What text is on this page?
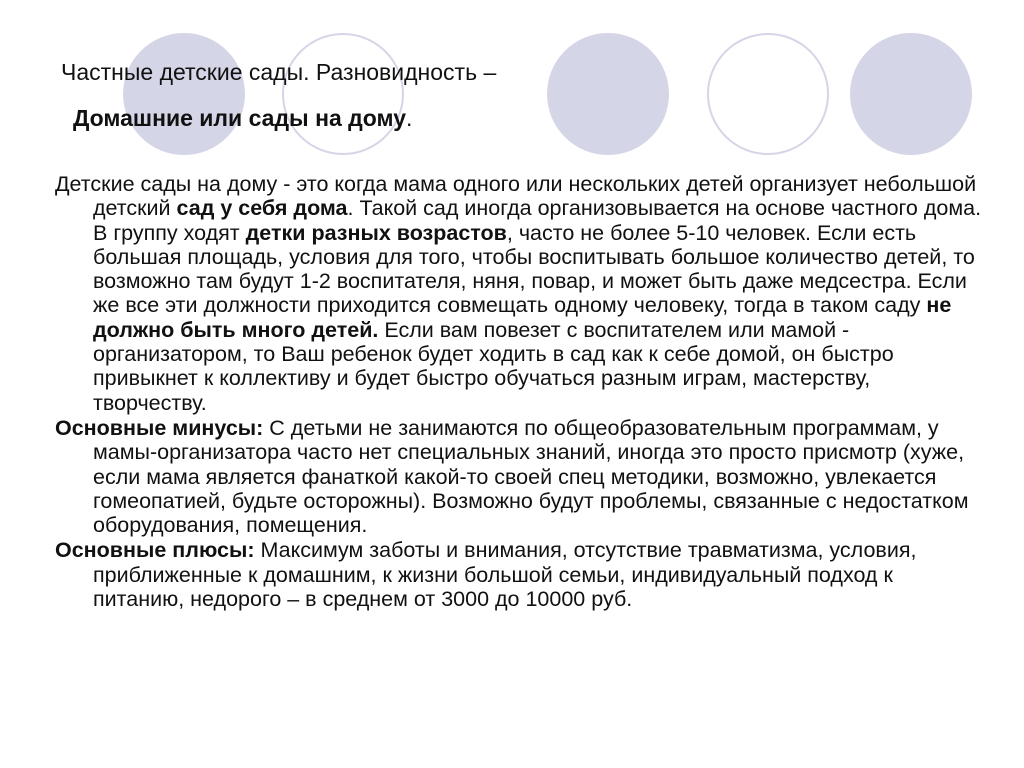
Частные детские сады. Разновидность –
Домашние или сады на дому.
Детские сады на дому - это когда мама одного или нескольких детей организует небольшой детский сад у себя дома. Такой сад иногда организовывается на основе частного дома. В группу ходят детки разных возрастов, часто не более 5-10 человек. Если есть большая площадь, условия для того, чтобы воспитывать большое количество детей, то возможно там будут 1-2 воспитателя, няня, повар, и может быть даже медсестра. Если же все эти должности приходится совмещать одному человеку, тогда в таком саду не должно быть много детей. Если вам повезет с воспитателем или мамой - организатором, то Ваш ребенок будет ходить в сад как к себе домой, он быстро привыкнет к коллективу и будет быстро обучаться разным играм, мастерству, творчеству.
Основные минусы: С детьми не занимаются по общеобразовательным программам, у мамы-организатора часто нет специальных знаний, иногда это просто присмотр (хуже, если мама является фанаткой какой-то своей спец методики, возможно, увлекается гомеопатией, будьте осторожны). Возможно будут проблемы, связанные с недостатком оборудования, помещения.
Основные плюсы: Максимум заботы и внимания, отсутствие травматизма, условия, приближенные к домашним, к жизни большой семьи, индивидуальный подход к питанию, недорого – в среднем от 3000 до 10000 руб.
